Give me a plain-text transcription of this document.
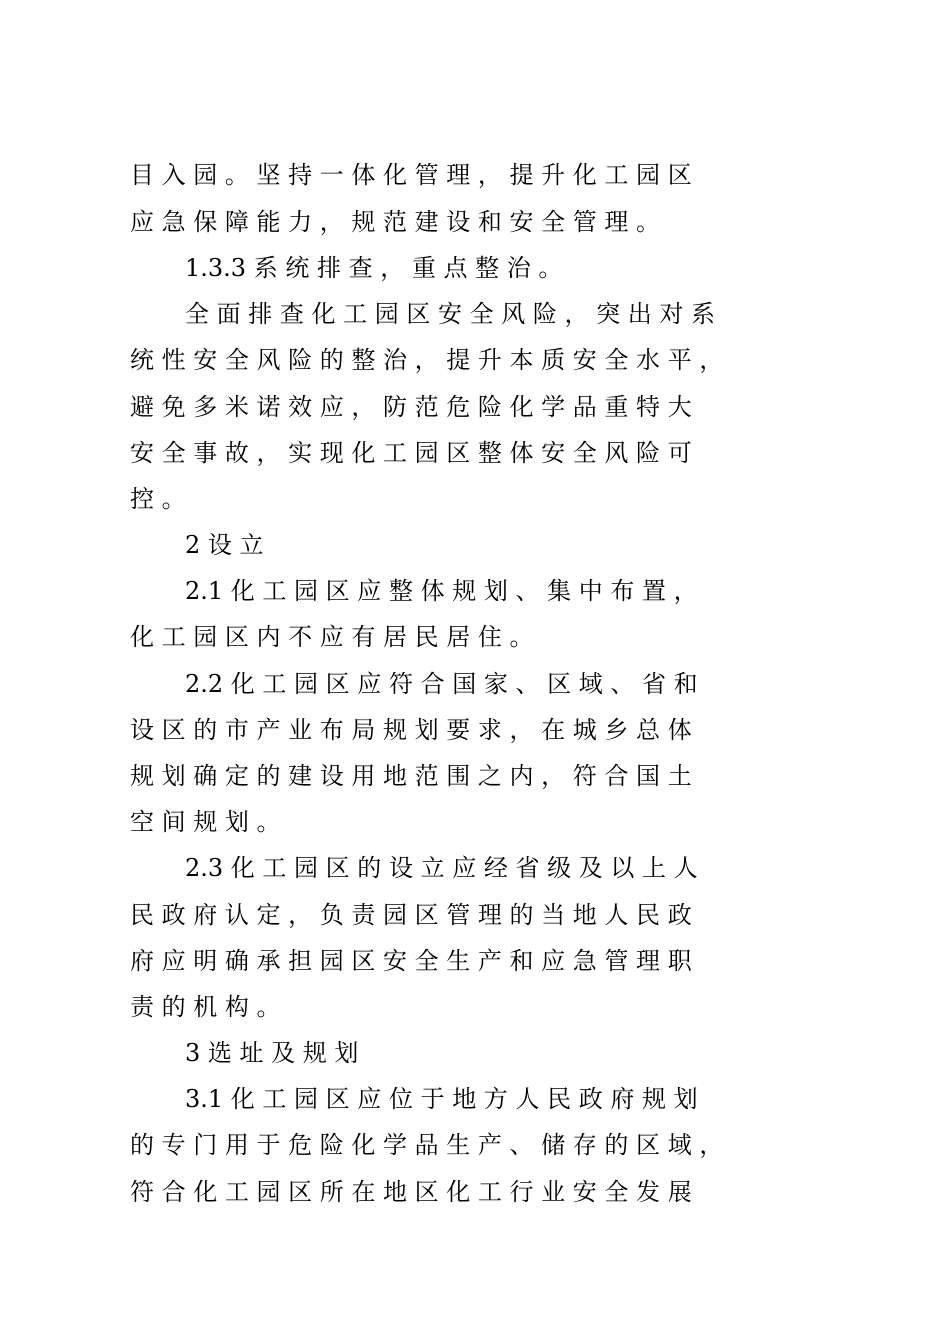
目 入 园 。 坚 持 一 体 化 管 理 ， 提 升 化 工 园 区
应 急 保 障 能 力 ， 规 范 建 设 和 安 全 管 理 。
1.3.3 系 统 排 查 ， 重 点 整 治 。
全 面 排 查 化 工 园 区 安 全 风 险 ， 突 出 对 系
统 性 安 全 风 险 的 整 治 ， 提 升 本 质 安 全 水 平 ，
避 免 多 米 诺 效 应 ， 防 范 危 险 化 学 品 重 特 大
安 全 事 故 ， 实 现 化 工 园 区 整 体 安 全 风 险 可
控 。
2 设 立
2.1 化 工 园 区 应 整 体 规 划 、 集 中 布 置 ，
化 工 园 区 内 不 应 有 居 民 居 住 。
2.2 化 工 园 区 应 符 合 国 家 、 区 域 、 省 和
设 区 的 市 产 业 布 局 规 划 要 求 ， 在 城 乡 总 体
规 划 确 定 的 建 设 用 地 范 围 之 内 ， 符 合 国 土
空 间 规 划 。
2.3 化 工 园 区 的 设 立 应 经 省 级 及 以 上 人
民 政 府 认 定 ， 负 责 园 区 管 理 的 当 地 人 民 政
府 应 明 确 承 担 园 区 安 全 生 产 和 应 急 管 理 职
责 的 机 构 。
3 选 址 及 规 划
3.1 化 工 园 区 应 位 于 地 方 人 民 政 府 规 划
的 专 门 用 于 危 险 化 学 品 生 产 、 储 存 的 区 域 ，
符 合 化 工 园 区 所 在 地 区 化 工 行 业 安 全 发 展
